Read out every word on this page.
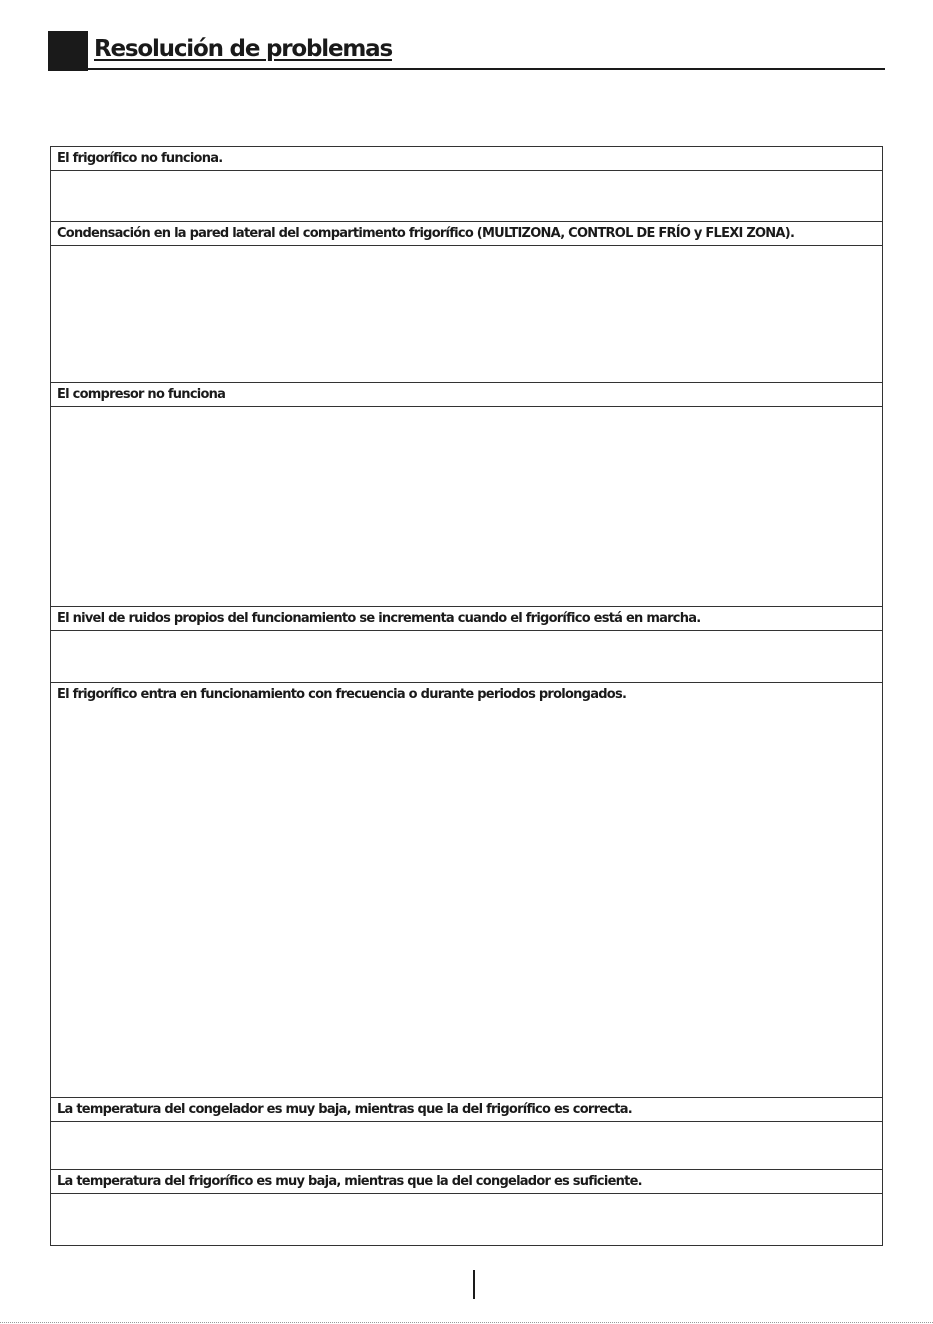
Resolución de problemas
El frigorífico no funciona.
Condensación en la pared lateral del compartimento frigorífico (MULTIZONA, CONTROL DE FRÍO y FLEXI ZONA).
El compresor no funciona
El nivel de ruidos propios del funcionamiento se incrementa cuando el frigorífico está en marcha.
El frigorífico entra en funcionamiento con frecuencia o durante periodos prolongados.
La temperatura del congelador es muy baja, mientras que la del frigorífico es correcta.
La temperatura del frigorífico es muy baja, mientras que la del congelador es suficiente.
